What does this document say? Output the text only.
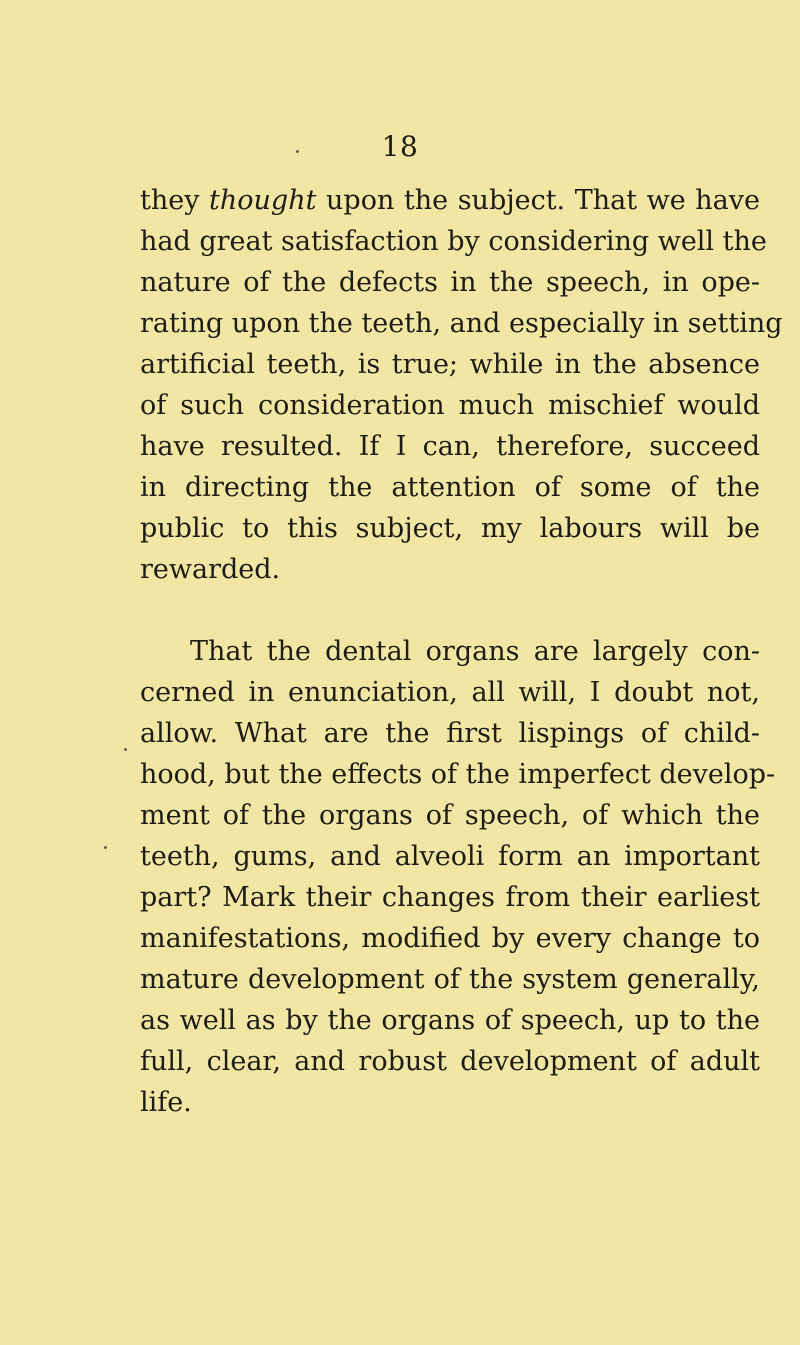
18
they thought upon the subject. That we have
had great satisfaction by considering well the
nature of the defects in the speech, in ope-
rating upon the teeth, and especially in setting
artificial teeth, is true; while in the absence
of such consideration much mischief would
have resulted. If I can, therefore, succeed
in directing the attention of some of the
public to this subject, my labours will be
rewarded.
That the dental organs are largely con-
cerned in enunciation, all will, I doubt not,
allow. What are the first lispings of child-
hood, but the effects of the imperfect develop-
ment of the organs of speech, of which the
teeth, gums, and alveoli form an important
part? Mark their changes from their earliest
manifestations, modified by every change to
mature development of the system generally,
as well as by the organs of speech, up to the
full, clear, and robust development of adult
life.
